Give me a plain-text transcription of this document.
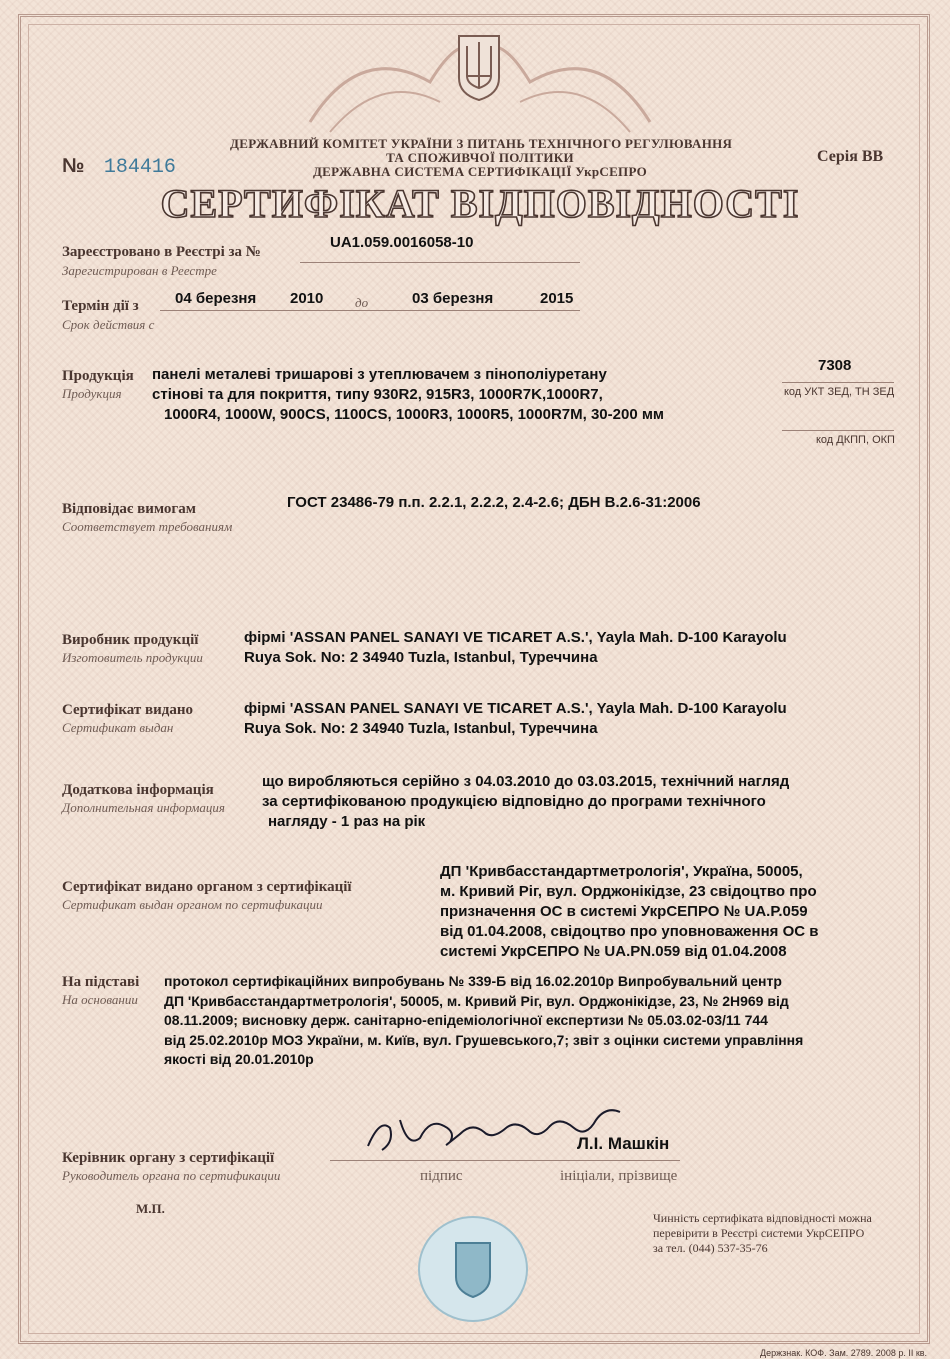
ДЕРЖАВНИЙ КОМІТЕТ УКРАЇНИ З ПИТАНЬ ТЕХНІЧНОГО РЕГУЛЮВАННЯ
ТА СПОЖИВЧОЇ ПОЛІТИКИ
ДЕРЖАВНА СИСТЕМА СЕРТИФІКАЦІЇ УкрСЕПРО
№ 184416	Серія ВВ
СЕРТИФІКАТ ВІДПОВІДНОСТІ
Зареєстровано в Реєстрі за №
Зарегистрирован в Реестре
UA1.059.0016058-10
Термін дії з
Срок действия с
04 березня 2010 до	03 березня	2015
Продукція
Продукция
панелі металеві тришарові з утеплювачем з пінополіуретану
стінові та для покриття, типу 930R2, 915R3, 1000R7K,1000R7,
1000R4, 1000W, 900CS, 1100CS, 1000R3, 1000R5, 1000R7M, 30-200 мм
7308
код УКТ ЗЕД, ТН ЗЕД
код ДКПП, ОКП
Відповідає вимогам
Соответствует требованиям
ГОСТ 23486-79 п.п. 2.2.1, 2.2.2, 2.4-2.6; ДБН В.2.6-31:2006
Виробник продукції
Изготовитель продукции
фірмі 'ASSAN PANEL SANAYI VE TICARET A.S.', Yayla Mah. D-100 Karayolu
Ruya Sok. No: 2 34940 Tuzla, Istanbul, Туреччина
Сертифікат видано
Сертификат выдан
фірмі 'ASSAN PANEL SANAYI VE TICARET A.S.', Yayla Mah. D-100 Karayolu
Ruya Sok. No: 2 34940 Tuzla, Istanbul, Туреччина
Додаткова інформація
Дополнительная информация
що виробляються серійно з 04.03.2010 до 03.03.2015, технічний нагляд
за сертифікованою продукцією відповідно до програми технічного
нагляду - 1 раз на рік
Сертифікат видано органом з сертифікації
Сертификат выдан органом по сертификации
ДП 'Кривбасстандартметрологія', Україна, 50005,
м. Кривий Ріг, вул. Орджонікідзе, 23 свідоцтво про
призначення ОС в системі УкрСЕПРО № UA.P.059
від 01.04.2008, свідоцтво про уповноваження ОС в
системі УкрСЕПРО № UA.PN.059 від 01.04.2008
На підставі
На основании
протокол сертифікаційних випробувань № 339-Б від 16.02.2010р Випробувальний центр
ДП 'Кривбасстандартметрологія', 50005, м. Кривий Ріг, вул. Орджонікідзе, 23, № 2Н969 від
08.11.2009; висновку держ. санітарно-епідеміологічної експертизи № 05.03.02-03/11 744
від 25.02.2010р МОЗ України, м. Київ, вул. Грушевського,7; звіт з оцінки системи управління
якості від 20.01.2010р
Керівник органу з сертифікації
Руководитель органа по сертификации
Л.І. Машкін
підпис	ініціали, прізвище
М.П.
Чинність сертифіката відповідності можна
перевірити в Реєстрі системи УкрСЕПРО
за тел. (044) 537-35-76
Держзнак. КОФ. Зам. 2789. 2008 р. II кв.
